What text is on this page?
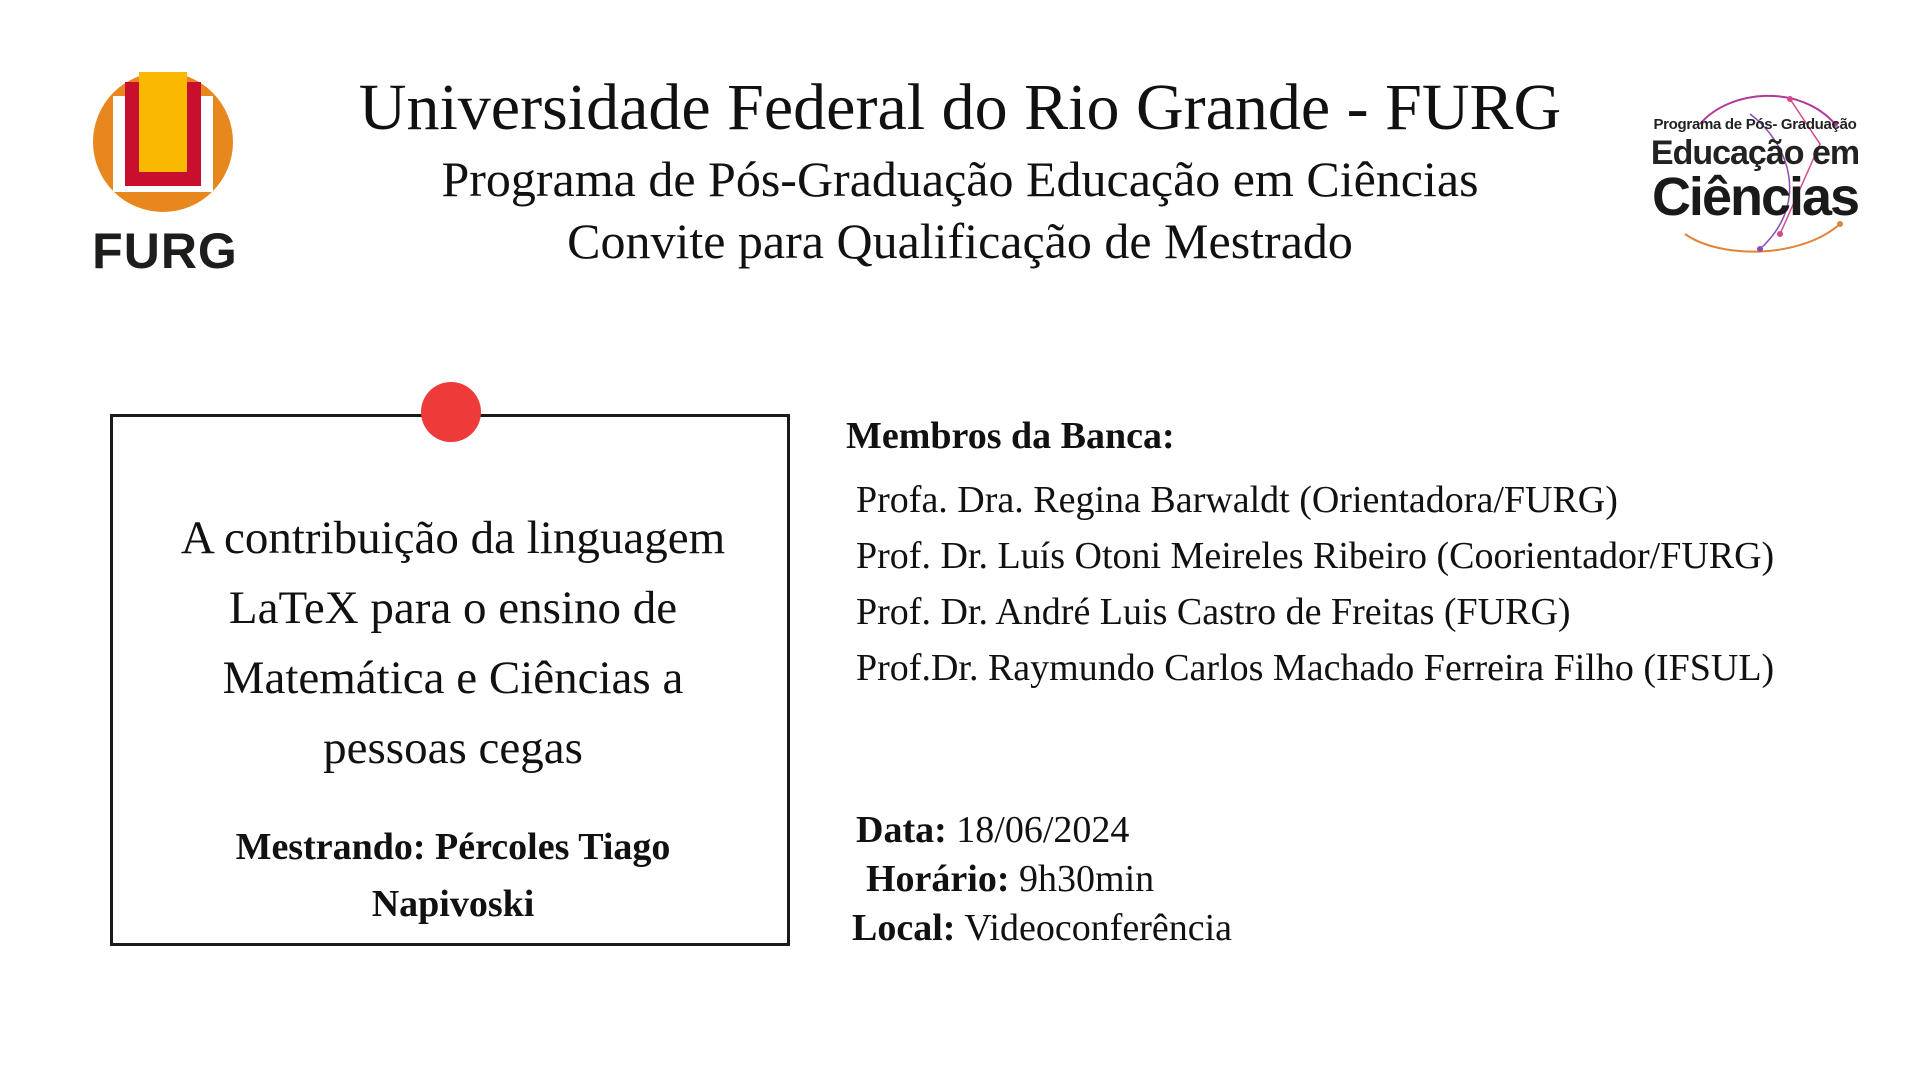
FURG
Universidade Federal do Rio Grande - FURG
Programa de Pós-Graduação Educação em Ciências
Convite para Qualificação de Mestrado
Programa de Pós- Graduação
Educação em
Ciências
A contribuição da linguagem
LaTeX para o ensino de
Matemática e Ciências a
pessoas cegas
Mestrando: Pércoles Tiago
Napivoski
Membros da Banca:
Profa. Dra. Regina Barwaldt (Orientadora/FURG)
Prof. Dr. Luís Otoni Meireles Ribeiro (Coorientador/FURG)
Prof. Dr. André Luis Castro de Freitas (FURG)
Prof.Dr. Raymundo Carlos Machado Ferreira Filho (IFSUL)
Data: 18/06/2024
Horário: 9h30min
Local: Videoconferência
